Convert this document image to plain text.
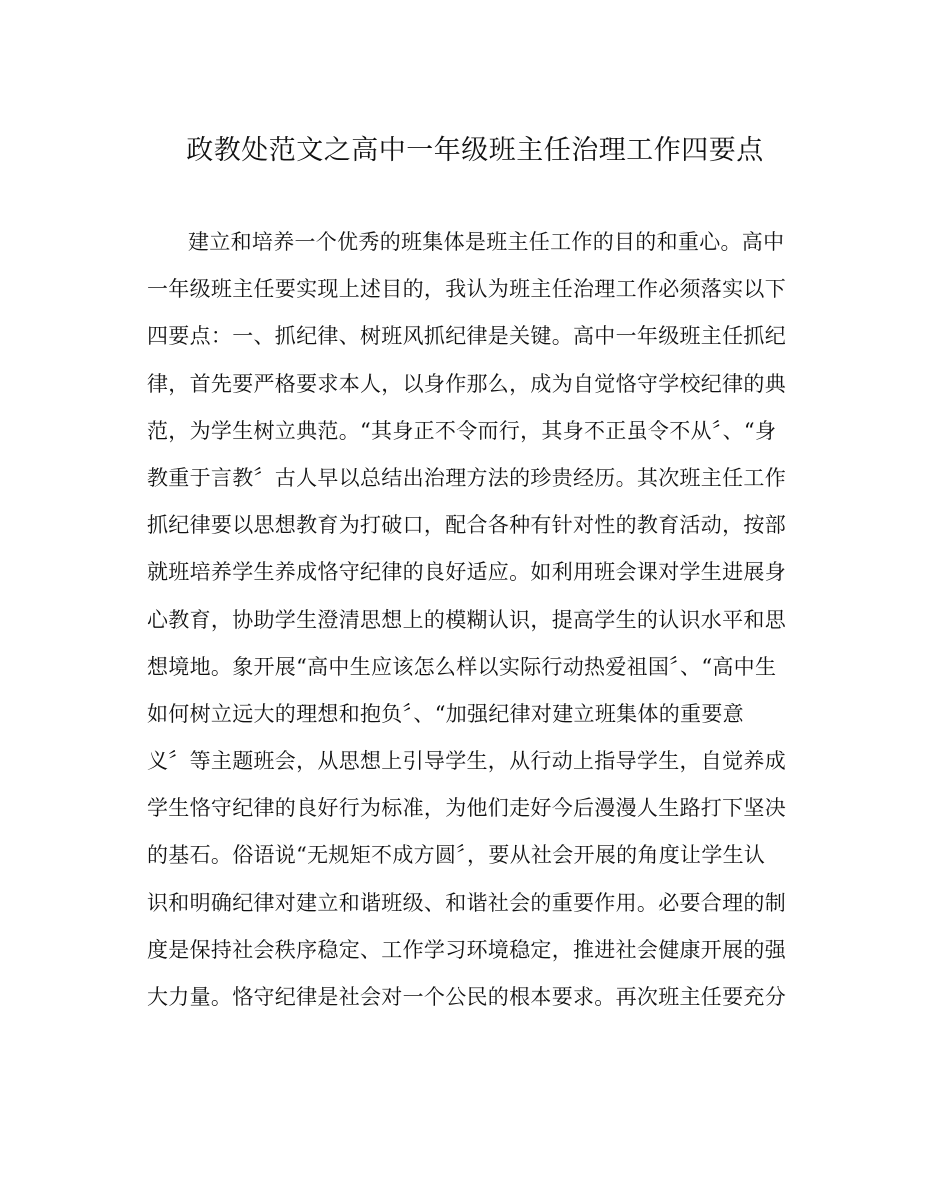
政教处范文之高中一年级班主任治理工作四要点
建立和培养一个优秀的班集体是班主任工作的目的和重心。高中
一年级班主任要实现上述目的，我认为班主任治理工作必须落实以下
四要点：一、抓纪律、树班风抓纪律是关键。高中一年级班主任抓纪
律，首先要严格要求本人，以身作那么，成为自觉恪守学校纪律的典
范，为学生树立典范。“其身正不令而行，其身不正虽令不从〞、“身
教重于言教〞古人早以总结出治理方法的珍贵经历。其次班主任工作
抓纪律要以思想教育为打破口，配合各种有针对性的教育活动，按部
就班培养学生养成恪守纪律的良好适应。如利用班会课对学生进展身
心教育，协助学生澄清思想上的模糊认识，提高学生的认识水平和思
想境地。象开展“高中生应该怎么样以实际行动热爱祖国〞、“高中生
如何树立远大的理想和抱负〞、“加强纪律对建立班集体的重要意
义〞等主题班会，从思想上引导学生，从行动上指导学生，自觉养成
学生恪守纪律的良好行为标准，为他们走好今后漫漫人生路打下坚决
的基石。俗语说“无规矩不成方圆〞，要从社会开展的角度让学生认
识和明确纪律对建立和谐班级、和谐社会的重要作用。必要合理的制
度是保持社会秩序稳定、工作学习环境稳定，推进社会健康开展的强
大力量。恪守纪律是社会对一个公民的根本要求。再次班主任要充分
